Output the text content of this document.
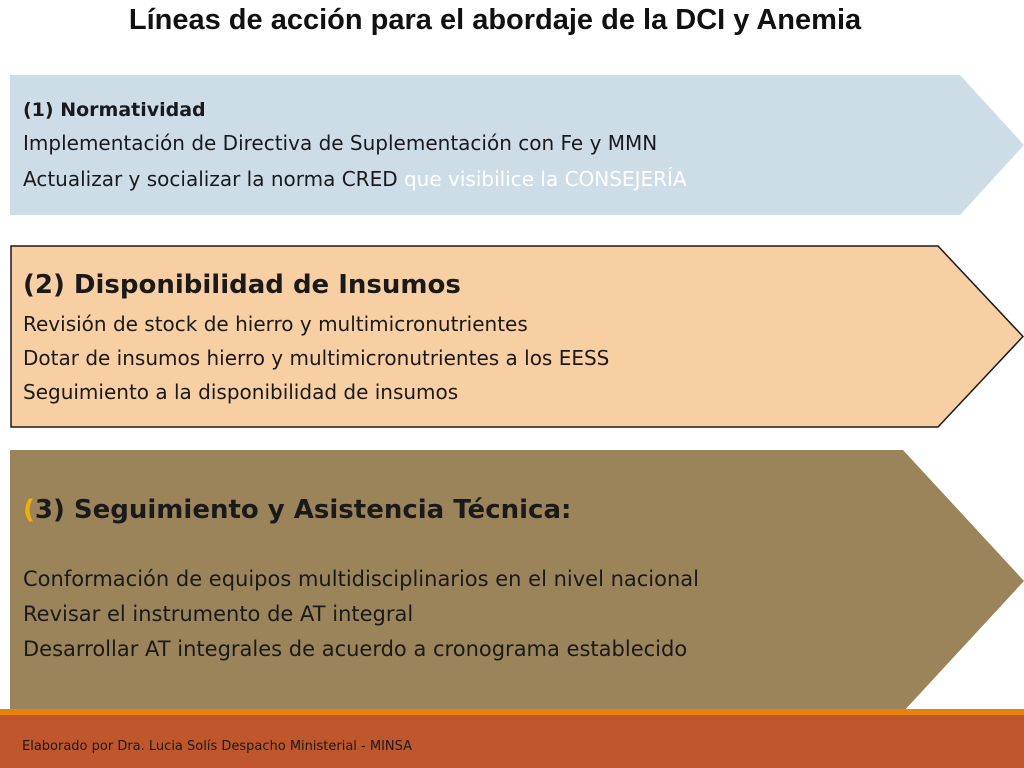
Líneas de acción para el abordaje de la DCI y Anemia
(1) Normatividad
Implementación de Directiva de Suplementación con Fe y MMN
Actualizar y socializar la norma CRED que visibilice la CONSEJERÍA
(2) Disponibilidad de Insumos
Revisión de stock de hierro y multimicronutrientes
Dotar de insumos hierro y multimicronutrientes a los EESS
Seguimiento a la disponibilidad de insumos
(3) Seguimiento y Asistencia Técnica:
Conformación de equipos multidisciplinarios en el nivel nacional
Revisar el instrumento de AT integral
Desarrollar AT integrales de acuerdo a cronograma establecido
Elaborado por Dra. Lucia Solís Despacho Ministerial - MINSA
